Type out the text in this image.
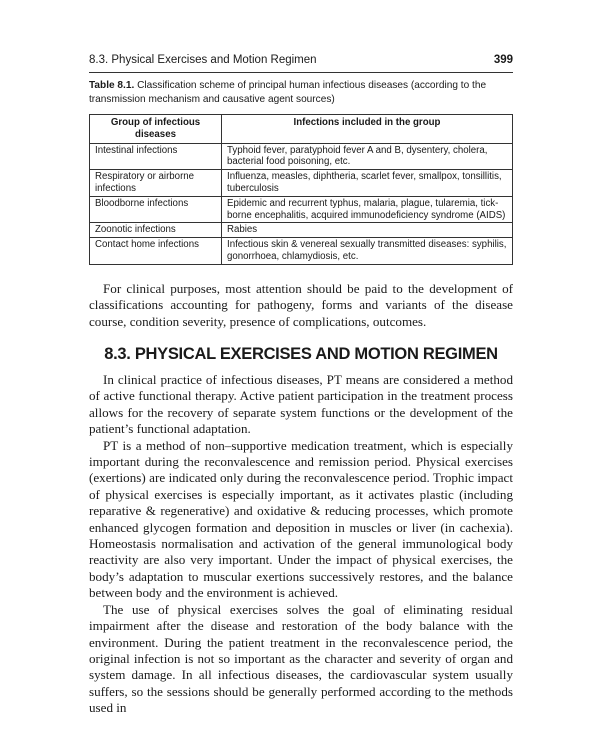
8.3. Physical Exercises and Motion Regimen	399
Table 8.1. Classification scheme of principal human infectious diseases (according to the transmission mechanism and causative agent sources)
Group of infectious diseases	Infections included in the group
Intestinal infections	Typhoid fever, paratyphoid fever A and B, dysentery, cholera, bacterial food poisoning, etc.
Respiratory or airborne infections	Influenza, measles, diphtheria, scarlet fever, smallpox, tonsillitis, tuberculosis
Bloodborne infections	Epidemic and recurrent typhus, malaria, plague, tularemia, tick-borne encephalitis, acquired immunodeficiency syndrome (AIDS)
Zoonotic infections	Rabies
Contact home infections	Infectious skin & venereal sexually transmitted diseases: syphilis, gonorrhoea, chlamydiosis, etc.

For clinical purposes, most attention should be paid to the development of classifications accounting for pathogeny, forms and variants of the disease course, condition severity, presence of complications, outcomes.

8.3. PHYSICAL EXERCISES AND MOTION REGIMEN

In clinical practice of infectious diseases, PT means are considered a method of active functional therapy. Active patient participation in the treatment process allows for the recovery of separate system functions or the development of the patient’s functional adaptation.

PT is a method of non–supportive medication treatment, which is especially important during the reconvalescence and remission period. Physical exercises (exertions) are indicated only during the reconvalescence period. Trophic impact of physical exercises is especially important, as it activates plastic (including reparative & regenerative) and oxidative & reducing processes, which promote enhanced glycogen formation and deposition in muscles or liver (in cachexia). Homeostasis normalisation and activation of the general immunological body reactivity are also very important. Under the impact of physical exercises, the body’s adaptation to muscular exertions successively restores, and the balance between body and the environment is achieved.

The use of physical exercises solves the goal of eliminating residual impairment after the disease and restoration of the body balance with the environment. During the patient treatment in the reconvalescence period, the original infection is not so important as the character and severity of organ and system damage. In all infectious diseases, the cardiovascular system usually suffers, so the sessions should be generally performed according to the methods used in
